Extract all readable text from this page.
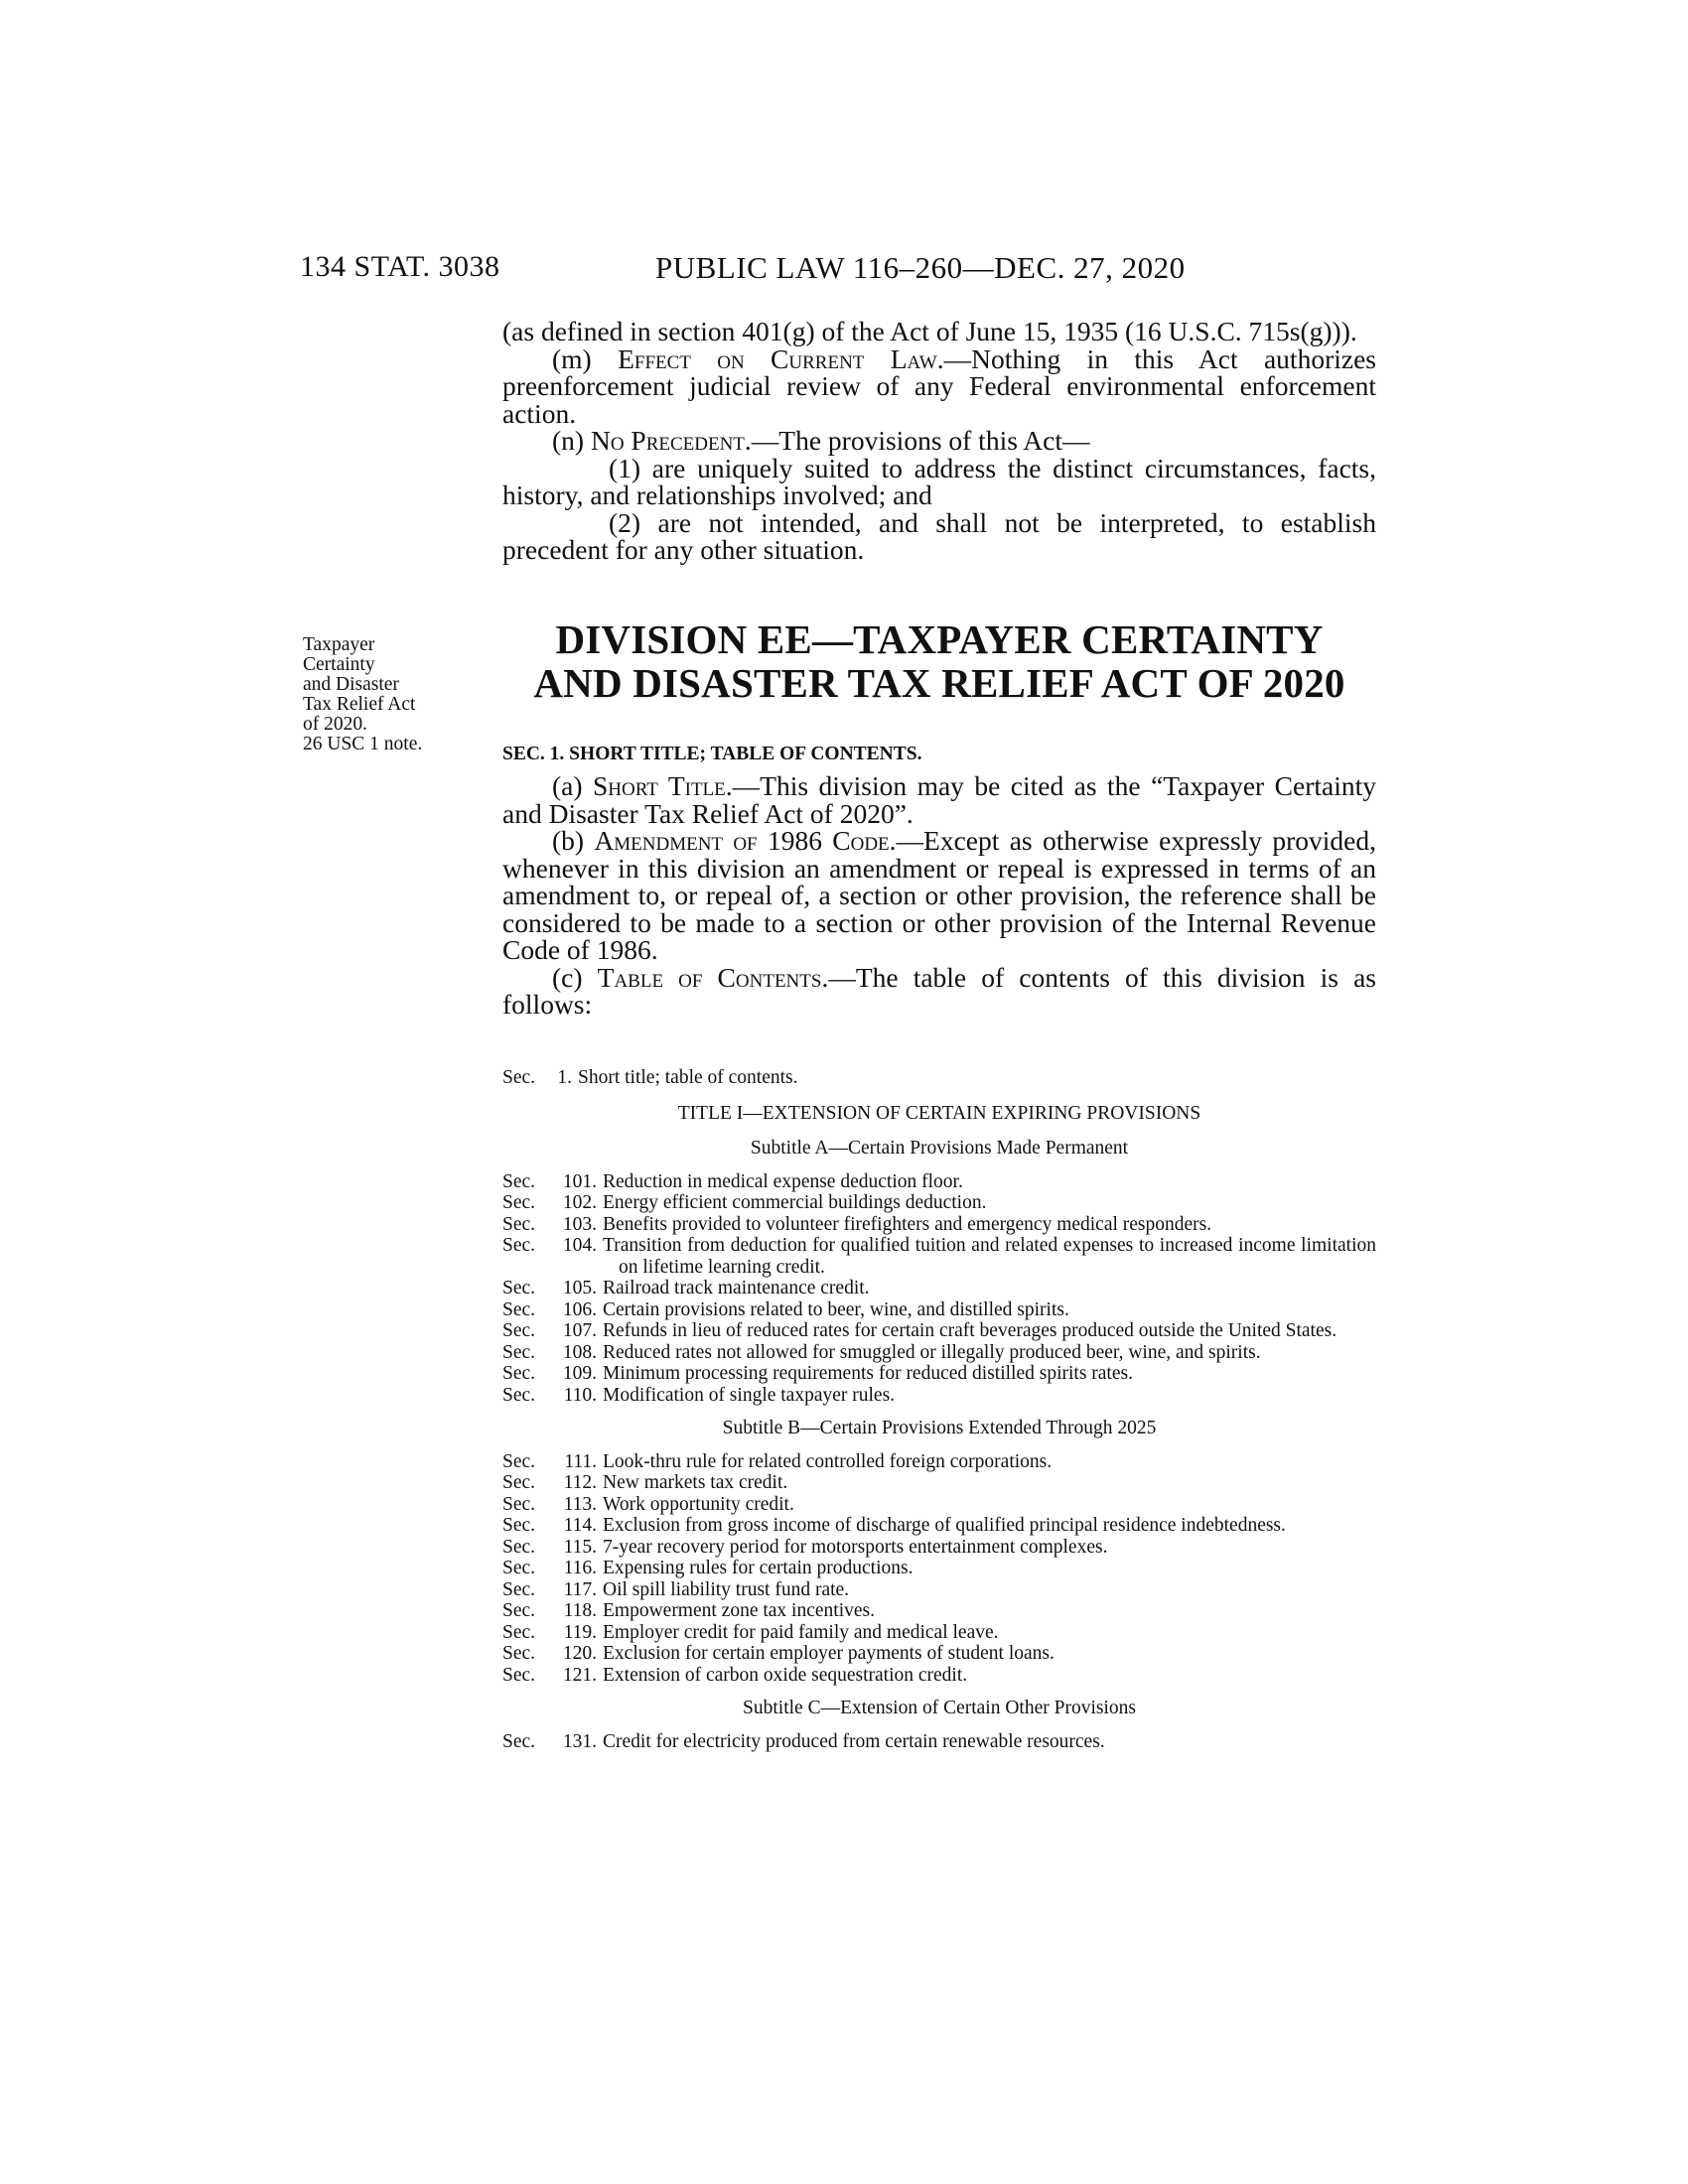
134 STAT. 3038	PUBLIC LAW 116–260—DEC. 27, 2020

(as defined in section 401(g) of the Act of June 15, 1935 (16 U.S.C. 715s(g))).

(m) Effect on Current Law.—Nothing in this Act authorizes preenforcement judicial review of any Federal environmental enforcement action.

(n) No Precedent.—The provisions of this Act—

(1) are uniquely suited to address the distinct circumstances, facts, history, and relationships involved; and

(2) are not intended, and shall not be interpreted, to establish precedent for any other situation.

Taxpayer
Certainty
and Disaster
Tax Relief Act
of 2020.
26 USC 1 note.
DIVISION EE—TAXPAYER CERTAINTY
AND DISASTER TAX RELIEF ACT OF 2020
SEC. 1. SHORT TITLE; TABLE OF CONTENTS.

(a) Short Title.—This division may be cited as the “Taxpayer Certainty and Disaster Tax Relief Act of 2020”.

(b) Amendment of 1986 Code.—Except as otherwise expressly provided, whenever in this division an amendment or repeal is expressed in terms of an amendment to, or repeal of, a section or other provision, the reference shall be considered to be made to a section or other provision of the Internal Revenue Code of 1986.

(c) Table of Contents.—The table of contents of this division is as follows:

Sec.	1. Short title; table of contents.

TITLE I—EXTENSION OF CERTAIN EXPIRING PROVISIONS

Subtitle A—Certain Provisions Made Permanent

Sec.	101. Reduction in medical expense deduction floor.
Sec.	102. Energy efficient commercial buildings deduction.
Sec.	103. Benefits provided to volunteer firefighters and emergency medical responders.
Sec.	104. Transition from deduction for qualified tuition and related expenses to increased income limitation on lifetime learning credit.
Sec.	105. Railroad track maintenance credit.
Sec.	106. Certain provisions related to beer, wine, and distilled spirits.
Sec.	107. Refunds in lieu of reduced rates for certain craft beverages produced outside the United States.
Sec.	108. Reduced rates not allowed for smuggled or illegally produced beer, wine, and spirits.
Sec.	109. Minimum processing requirements for reduced distilled spirits rates.
Sec.	110. Modification of single taxpayer rules.

Subtitle B—Certain Provisions Extended Through 2025

Sec.	111. Look-thru rule for related controlled foreign corporations.
Sec.	112. New markets tax credit.
Sec.	113. Work opportunity credit.
Sec.	114. Exclusion from gross income of discharge of qualified principal residence indebtedness.
Sec.	115. 7-year recovery period for motorsports entertainment complexes.
Sec.	116. Expensing rules for certain productions.
Sec.	117. Oil spill liability trust fund rate.
Sec.	118. Empowerment zone tax incentives.
Sec.	119. Employer credit for paid family and medical leave.
Sec.	120. Exclusion for certain employer payments of student loans.
Sec.	121. Extension of carbon oxide sequestration credit.

Subtitle C—Extension of Certain Other Provisions

Sec.	131. Credit for electricity produced from certain renewable resources.
